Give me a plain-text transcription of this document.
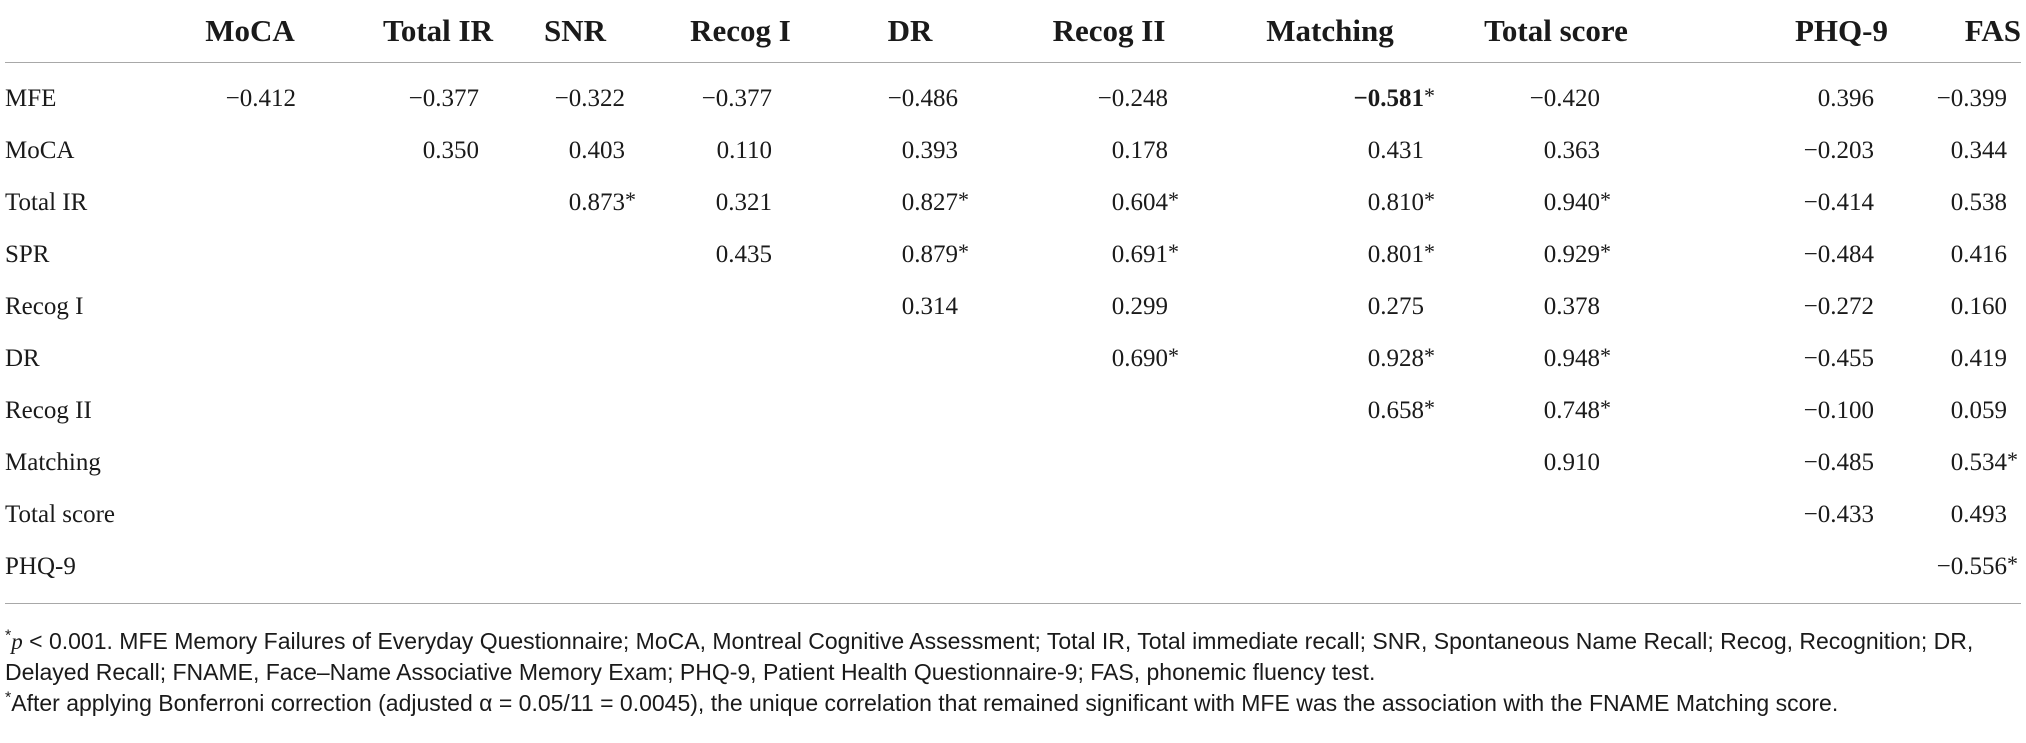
	MoCA	Total IR	SNR	Recog I	DR	Recog II	Matching	Total score	PHQ-9	FAS
MFE	−0.412	−0.377	−0.322	−0.377	−0.486	−0.248	−0.581*	−0.420	0.396	−0.399
MoCA		0.350	0.403	0.110	0.393	0.178	0.431	0.363	−0.203	0.344
Total IR			0.873*	0.321	0.827*	0.604*	0.810*	0.940*	−0.414	0.538
SPR				0.435	0.879*	0.691*	0.801*	0.929*	−0.484	0.416
Recog I					0.314	0.299	0.275	0.378	−0.272	0.160
DR						0.690*	0.928*	0.948*	−0.455	0.419
Recog II							0.658*	0.748*	−0.100	0.059
Matching								0.910	−0.485	0.534*
Total score									−0.433	0.493
PHQ-9										−0.556*

*p < 0.001. MFE Memory Failures of Everyday Questionnaire; MoCA, Montreal Cognitive Assessment; Total IR, Total immediate recall; SNR, Spontaneous Name Recall; Recog, Recognition; DR, Delayed Recall; FNAME, Face–Name Associative Memory Exam; PHQ-9, Patient Health Questionnaire-9; FAS, phonemic fluency test.

*After applying Bonferroni correction (adjusted α = 0.05/11 = 0.0045), the unique correlation that remained significant with MFE was the association with the FNAME Matching score.
